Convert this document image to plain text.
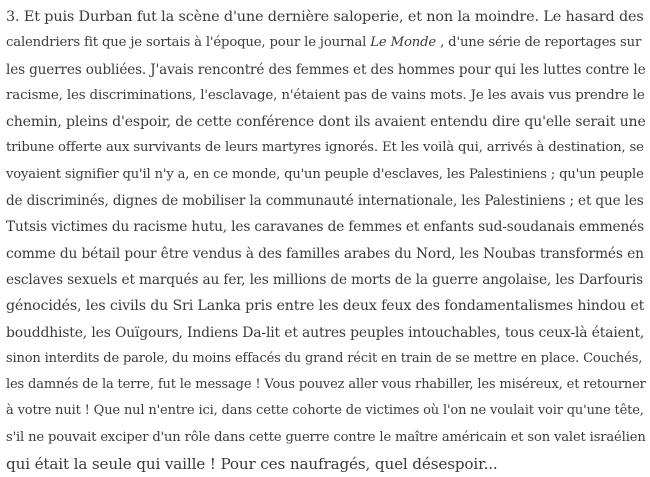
3. Et puis Durban fut la scène d'une dernière saloperie, et non la moindre. Le hasard des
calendriers fit que je sortais à l'époque, pour le journal Le Monde , d'une série de reportages sur
les guerres oubliées. J'avais rencontré des femmes et des hommes pour qui les luttes contre le
racisme, les discriminations, l'esclavage, n'étaient pas de vains mots. Je les avais vus prendre le
chemin, pleins d'espoir, de cette conférence dont ils avaient entendu dire qu'elle serait une
tribune offerte aux survivants de leurs martyres ignorés. Et les voilà qui, arrivés à destination, se
voyaient signifier qu'il n'y a, en ce monde, qu'un peuple d'esclaves, les Palestiniens ; qu'un peuple
de discriminés, dignes de mobiliser la communauté internationale, les Palestiniens ; et que les
Tutsis victimes du racisme hutu, les caravanes de femmes et enfants sud-soudanais emmenés
comme du bétail pour être vendus à des familles arabes du Nord, les Noubas transformés en
esclaves sexuels et marqués au fer, les millions de morts de la guerre angolaise, les Darfouris
génocidés, les civils du Sri Lanka pris entre les deux feux des fondamentalismes hindou et
bouddhiste, les Ouïgours, Indiens Da-lit et autres peuples intouchables, tous ceux-là étaient,
sinon interdits de parole, du moins effacés du grand récit en train de se mettre en place. Couchés,
les damnés de la terre, fut le message ! Vous pouvez aller vous rhabiller, les miséreux, et retourner
à votre nuit ! Que nul n'entre ici, dans cette cohorte de victimes où l'on ne voulait voir qu'une tête,
s'il ne pouvait exciper d'un rôle dans cette guerre contre le maître américain et son valet israélien
qui était la seule qui vaille ! Pour ces naufragés, quel désespoir...
